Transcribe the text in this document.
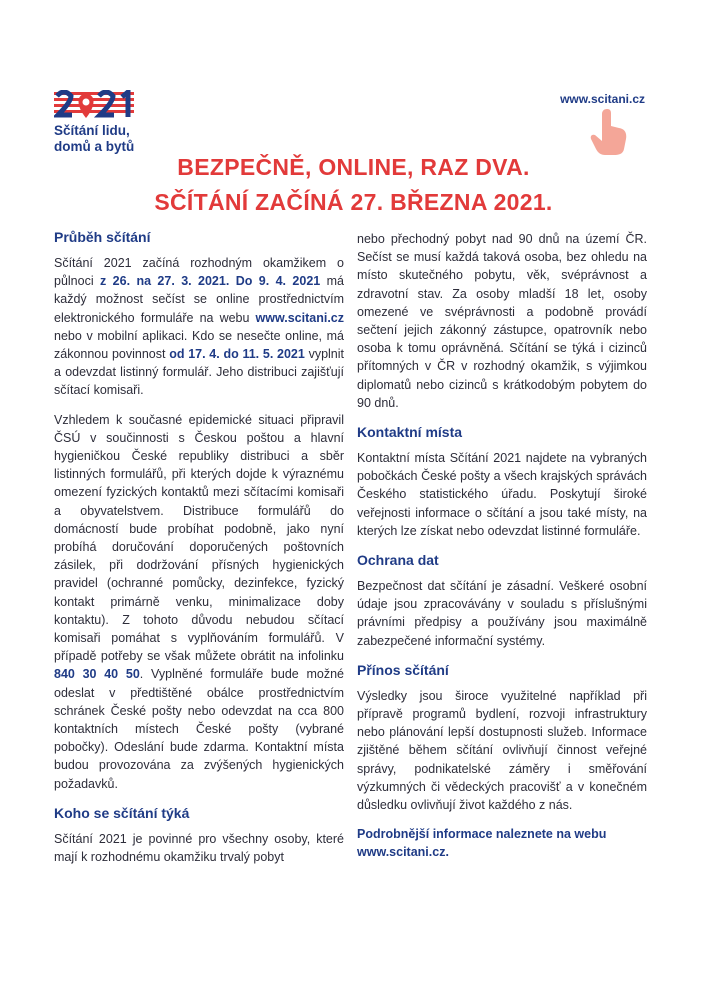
Sčítání lidu,
domů a bytů
www.scitani.cz
BEZPEČNĚ, ONLINE, RAZ DVA.
SČÍTÁNÍ ZAČÍNÁ 27. BŘEZNA 2021.
Průběh sčítání

Sčítání 2021 začíná rozhodným okamžikem o půlnoci z 26. na 27. 3. 2021. Do 9. 4. 2021 má každý možnost sečíst se online prostřednictvím elektronického formuláře na webu www.scitani.cz nebo v mobilní aplikaci. Kdo se nesečte online, má zákonnou povinnost od 17. 4. do 11. 5. 2021 vyplnit a odevzdat listinný formulář. Jeho distribuci zajišťují sčítací komisaři.

Vzhledem k současné epidemické situaci připravil ČSÚ v součinnosti s Českou poštou a hlavní hygieničkou České republiky distribuci a sběr listinných formulářů, při kterých dojde k výraznému omezení fyzických kontaktů mezi sčítacími komisaři a obyvatelstvem. Distribuce formulářů do domácností bude probíhat podobně, jako nyní probíhá doručování doporučených poštovních zásilek, při dodržování přísných hygienických pravidel (ochranné pomůcky, dezinfekce, fyzický kontakt primárně venku, minimalizace doby kontaktu). Z tohoto důvodu nebudou sčítací komisaři pomáhat s vyplňováním formulářů. V případě potřeby se však můžete obrátit na infolinku 840 30 40 50. Vyplněné formuláře bude možné odeslat v předtištěné obálce prostřednictvím schránek České pošty nebo odevzdat na cca 800 kontaktních místech České pošty (vybrané pobočky). Odeslání bude zdarma. Kontaktní místa budou provozována za zvýšených hygienických požadavků.

Koho se sčítání týká

Sčítání 2021 je povinné pro všechny osoby, které mají k rozhodnému okamžiku trvalý pobyt

nebo přechodný pobyt nad 90 dnů na území ČR. Sečíst se musí každá taková osoba, bez ohledu na místo skutečného pobytu, věk, svéprávnost a zdravotní stav. Za osoby mladší 18 let, osoby omezené ve svéprávnosti a podobně provádí sečtení jejich zákonný zástupce, opatrovník nebo osoba k tomu oprávněná. Sčítání se týká i cizinců přítomných v ČR v rozhodný okamžik, s výjimkou diplomatů nebo cizinců s krátkodobým pobytem do 90 dnů.

Kontaktní místa

Kontaktní místa Sčítání 2021 najdete na vybraných pobočkách České pošty a všech krajských správách Českého statistického úřadu. Poskytují široké veřejnosti informace o sčítání a jsou také místy, na kterých lze získat nebo odevzdat listinné formuláře.

Ochrana dat

Bezpečnost dat sčítání je zásadní. Veškeré osobní údaje jsou zpracovávány v souladu s příslušnými právními předpisy a používány jsou maximálně zabezpečené informační systémy.

Přínos sčítání

Výsledky jsou široce využitelné například při přípravě programů bydlení, rozvoji infrastruktury nebo plánování lepší dostupnosti služeb. Informace zjištěné během sčítání ovlivňují činnost veřejné správy, podnikatelské záměry i směřování výzkumných či vědeckých pracovišť a v konečném důsledku ovlivňují život každého z nás.

Podrobnější informace naleznete na webu
www.scitani.cz.
